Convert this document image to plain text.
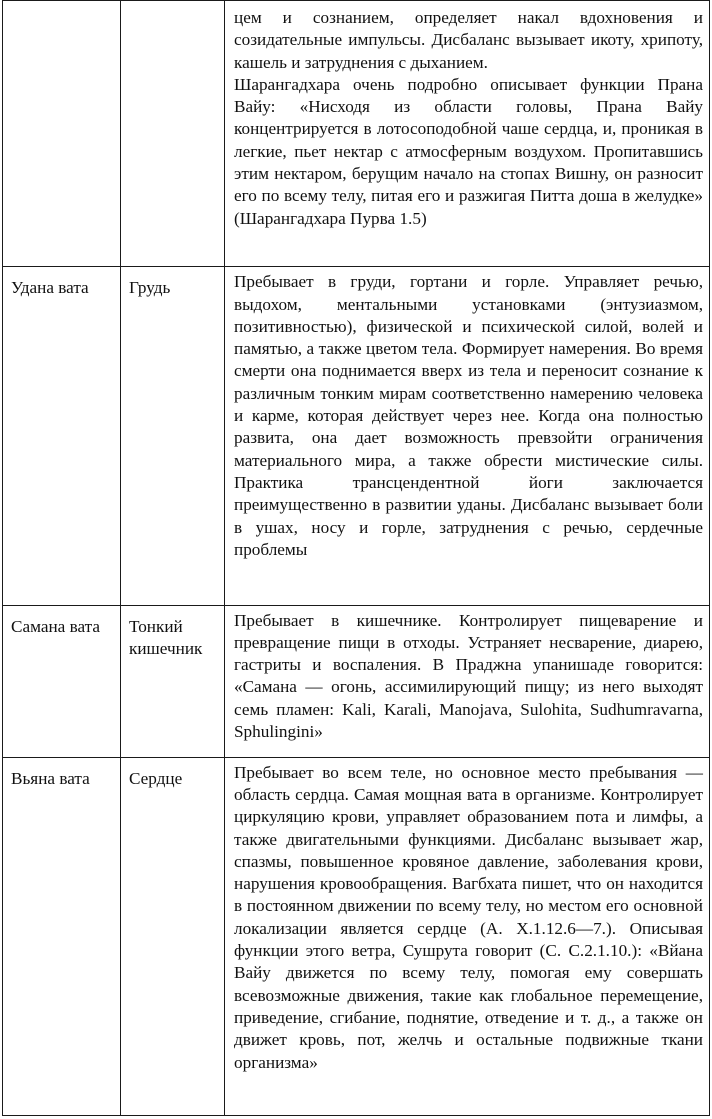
		цем и сознанием, определяет накал вдохновения и созидательные импульсы. Дисбаланс вызывает икоту, хрипоту, кашель и затруднения с дыханием.
Шарангадхара очень подробно описывает функции Прана Вайу: «Нисходя из области головы, Прана Вайу концентрируется в лотосоподобной чаше сердца, и, проникая в легкие, пьет нектар с атмосферным воздухом. Пропитавшись этим нектаром, берущим начало на стопах Вишну, он разносит его по всему телу, питая его и разжигая Питта доша в желудке» (Шарангадхара Пурва 1.5)

Удана вата	Грудь	Пребывает в груди, гортани и горле. Управляет речью, выдохом, ментальными установками (энтузиазмом, позитивностью), физической и психической силой, волей и памятью, а также цветом тела. Формирует намерения. Во время смерти она поднимается вверх из тела и переносит сознание к различным тонким мирам соответственно намерению человека и карме, которая действует через нее. Когда она полностью развита, она дает возможность превзойти ограничения материального мира, а также обрести мистические силы. Практика трансцендентной йоги заключается преимущественно в развитии уданы. Дисбаланс вызывает боли в ушах, носу и горле, затруднения с речью, сердечные проблемы

Самана вата	Тонкий кишечник	Пребывает в кишечнике. Контролирует пищеварение и превращение пищи в отходы. Устраняет несварение, диарею, гастриты и воспаления. В Праджна упанишаде говорится: «Самана — огонь, ассимилирующий пищу; из него выходят семь пламен: Kali, Karali, Manojava, Sulohita, Sudhumravarna, Sphulingini»

Вьяна вата	Сердце	Пребывает во всем теле, но основное место пребывания — область сердца. Самая мощная вата в организме. Контролирует циркуляцию крови, управляет образованием пота и лимфы, а также двигательными функциями. Дисбаланс вызывает жар, спазмы, повышенное кровяное давление, заболевания крови, нарушения кровообращения. Вагбхата пишет, что он находится в постоянном движении по всему телу, но местом его основной локализации является сердце (А. X.1.12.6—7.). Описывая функции этого ветра, Сушрута говорит (С. С.2.1.10.): «Вйана Вайу движется по всему телу, помогая ему совершать всевозможные движения, такие как глобальное перемещение, приведение, сгибание, поднятие, отведение и т. д., а также он движет кровь, пот, желчь и остальные подвижные ткани организма»
